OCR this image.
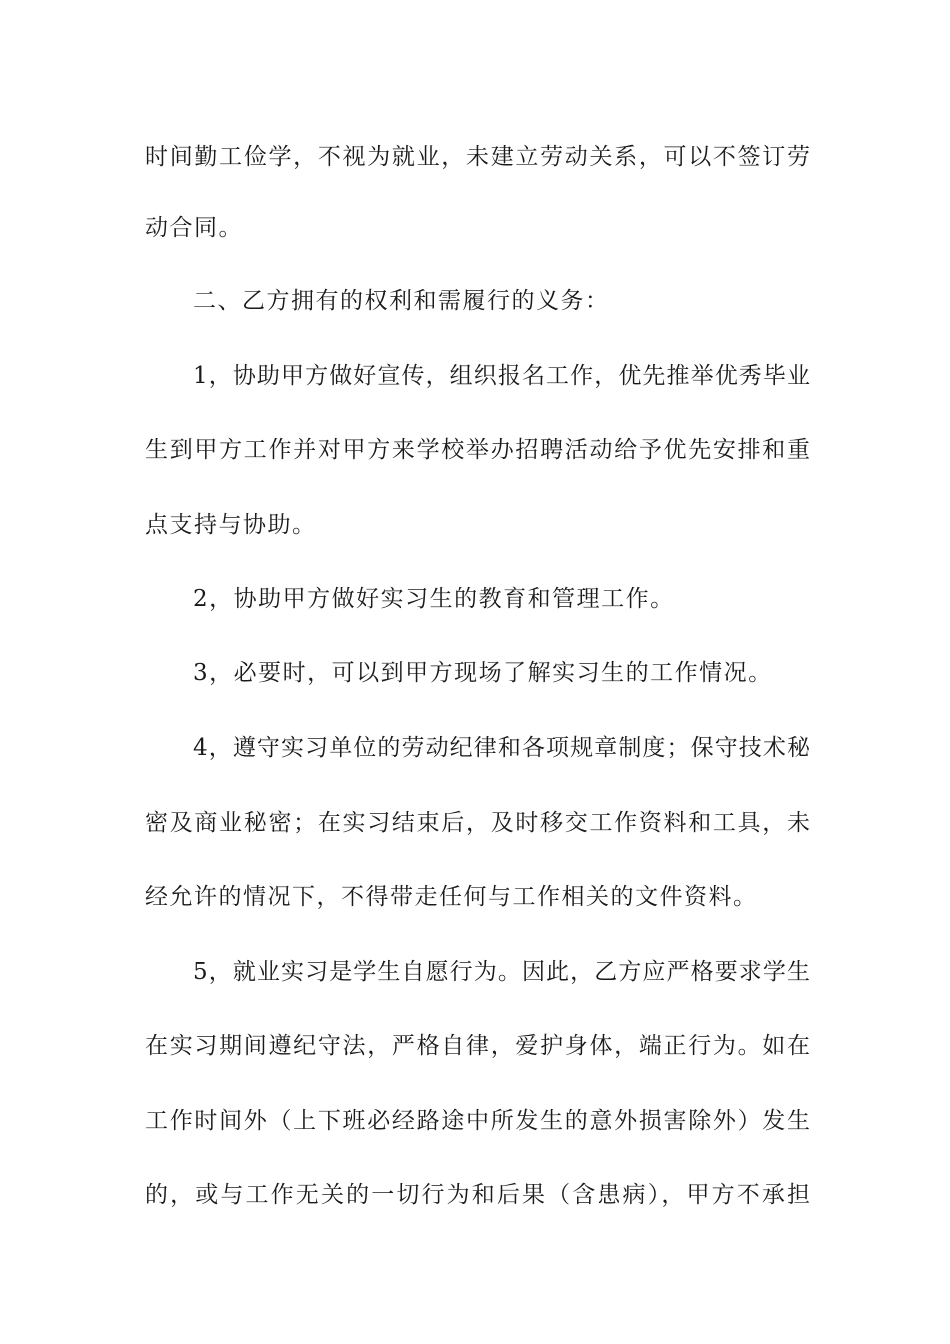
时间勤工俭学，不视为就业，未建立劳动关系，可以不签订劳
动合同。
二、乙方拥有的权利和需履行的义务：
1，协助甲方做好宣传，组织报名工作，优先推举优秀毕业
生到甲方工作并对甲方来学校举办招聘活动给予优先安排和重
点支持与协助。
2，协助甲方做好实习生的教育和管理工作。
3，必要时，可以到甲方现场了解实习生的工作情况。
4，遵守实习单位的劳动纪律和各项规章制度；保守技术秘
密及商业秘密；在实习结束后，及时移交工作资料和工具，未
经允许的情况下，不得带走任何与工作相关的文件资料。
5，就业实习是学生自愿行为。因此，乙方应严格要求学生
在实习期间遵纪守法，严格自律，爱护身体，端正行为。如在
工作时间外（上下班必经路途中所发生的意外损害除外）发生
的，或与工作无关的一切行为和后果（含患病），甲方不承担
